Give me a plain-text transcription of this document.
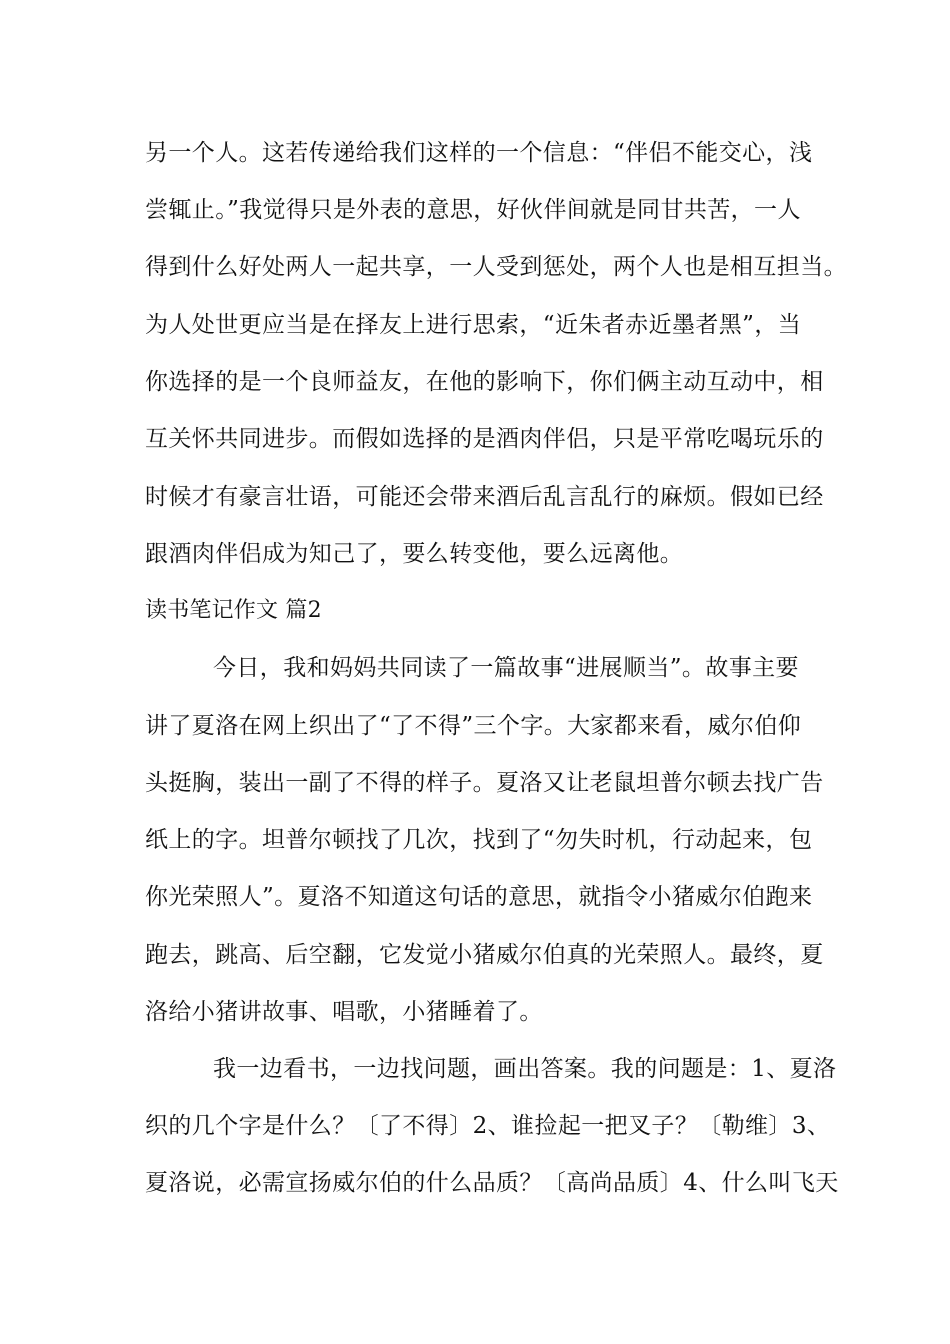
另一个人。这若传递给我们这样的一个信息：“伴侣不能交心，浅
尝辄止。”我觉得只是外表的意思，好伙伴间就是同甘共苦，一人
得到什么好处两人一起共享，一人受到惩处，两个人也是相互担当。
为人处世更应当是在择友上进行思索，“近朱者赤近墨者黑”，当
你选择的是一个良师益友，在他的影响下，你们俩主动互动中，相
互关怀共同进步。而假如选择的是酒肉伴侣，只是平常吃喝玩乐的
时候才有豪言壮语，可能还会带来酒后乱言乱行的麻烦。假如已经
跟酒肉伴侣成为知己了，要么转变他，要么远离他。
读书笔记作文 篇2
今日，我和妈妈共同读了一篇故事“进展顺当”。故事主要
讲了夏洛在网上织出了“了不得”三个字。大家都来看，威尔伯仰
头挺胸，装出一副了不得的样子。夏洛又让老鼠坦普尔顿去找广告
纸上的字。坦普尔顿找了几次，找到了“勿失时机，行动起来，包
你光荣照人”。夏洛不知道这句话的意思，就指令小猪威尔伯跑来
跑去，跳高、后空翻，它发觉小猪威尔伯真的光荣照人。最终，夏
洛给小猪讲故事、唱歌，小猪睡着了。
我一边看书，一边找问题，画出答案。我的问题是：1、夏洛
织的几个字是什么？〔了不得〕2、谁捡起一把叉子？〔勒维〕3、
夏洛说，必需宣扬威尔伯的什么品质？〔高尚品质〕4、什么叫飞天
